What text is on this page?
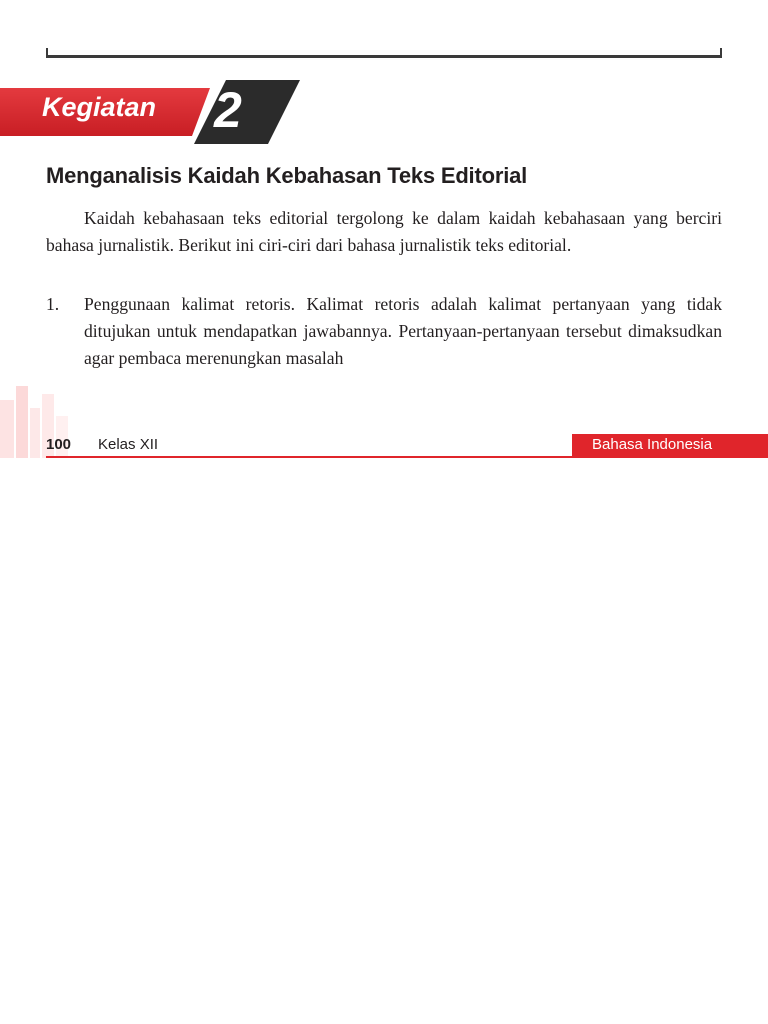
Kegiatan 2

Menganalisis Kaidah Kebahasan Teks Editorial

Kaidah kebahasaan teks editorial tergolong ke dalam kaidah kebahasaan yang berciri bahasa jurnalistik. Berikut ini ciri-ciri dari bahasa jurnalistik teks editorial.

1. Penggunaan kalimat retoris. Kalimat retoris adalah kalimat pertanyaan yang tidak ditujukan untuk mendapatkan jawabannya. Pertanyaan-pertanyaan tersebut dimaksudkan agar pembaca merenungkan masalah

100 Kelas XII	Bahasa Indonesia
